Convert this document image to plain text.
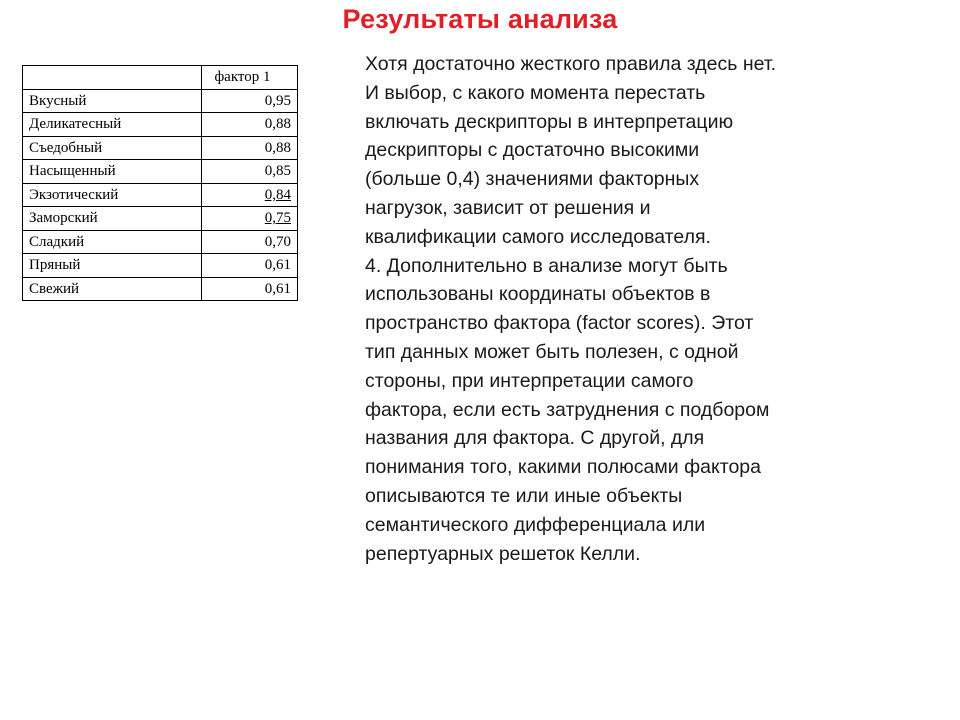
Результаты анализа
	фактор 1
Вкусный	0,95
Деликатесный	0,88
Съедобный	0,88
Насыщенный	0,85
Экзотический	0,84
Заморский	0,75
Сладкий	0,70
Пряный	0,61
Свежий	0,61

Хотя достаточно жесткого правила здесь нет.
И выбор, с какого момента перестать
включать дескрипторы в интерпретацию
дескрипторы с достаточно высокими
(больше 0,4) значениями факторных
нагрузок, зависит от решения и
квалификации самого исследователя.
4. Дополнительно в анализе могут быть
использованы координаты объектов в
пространство фактора (factor scores). Этот
тип данных может быть полезен, с одной
стороны, при интерпретации самого
фактора, если есть затруднения с подбором
названия для фактора. С другой, для
понимания того, какими полюсами фактора
описываются те или иные объекты
семантического дифференциала или
репертуарных решеток Келли.
